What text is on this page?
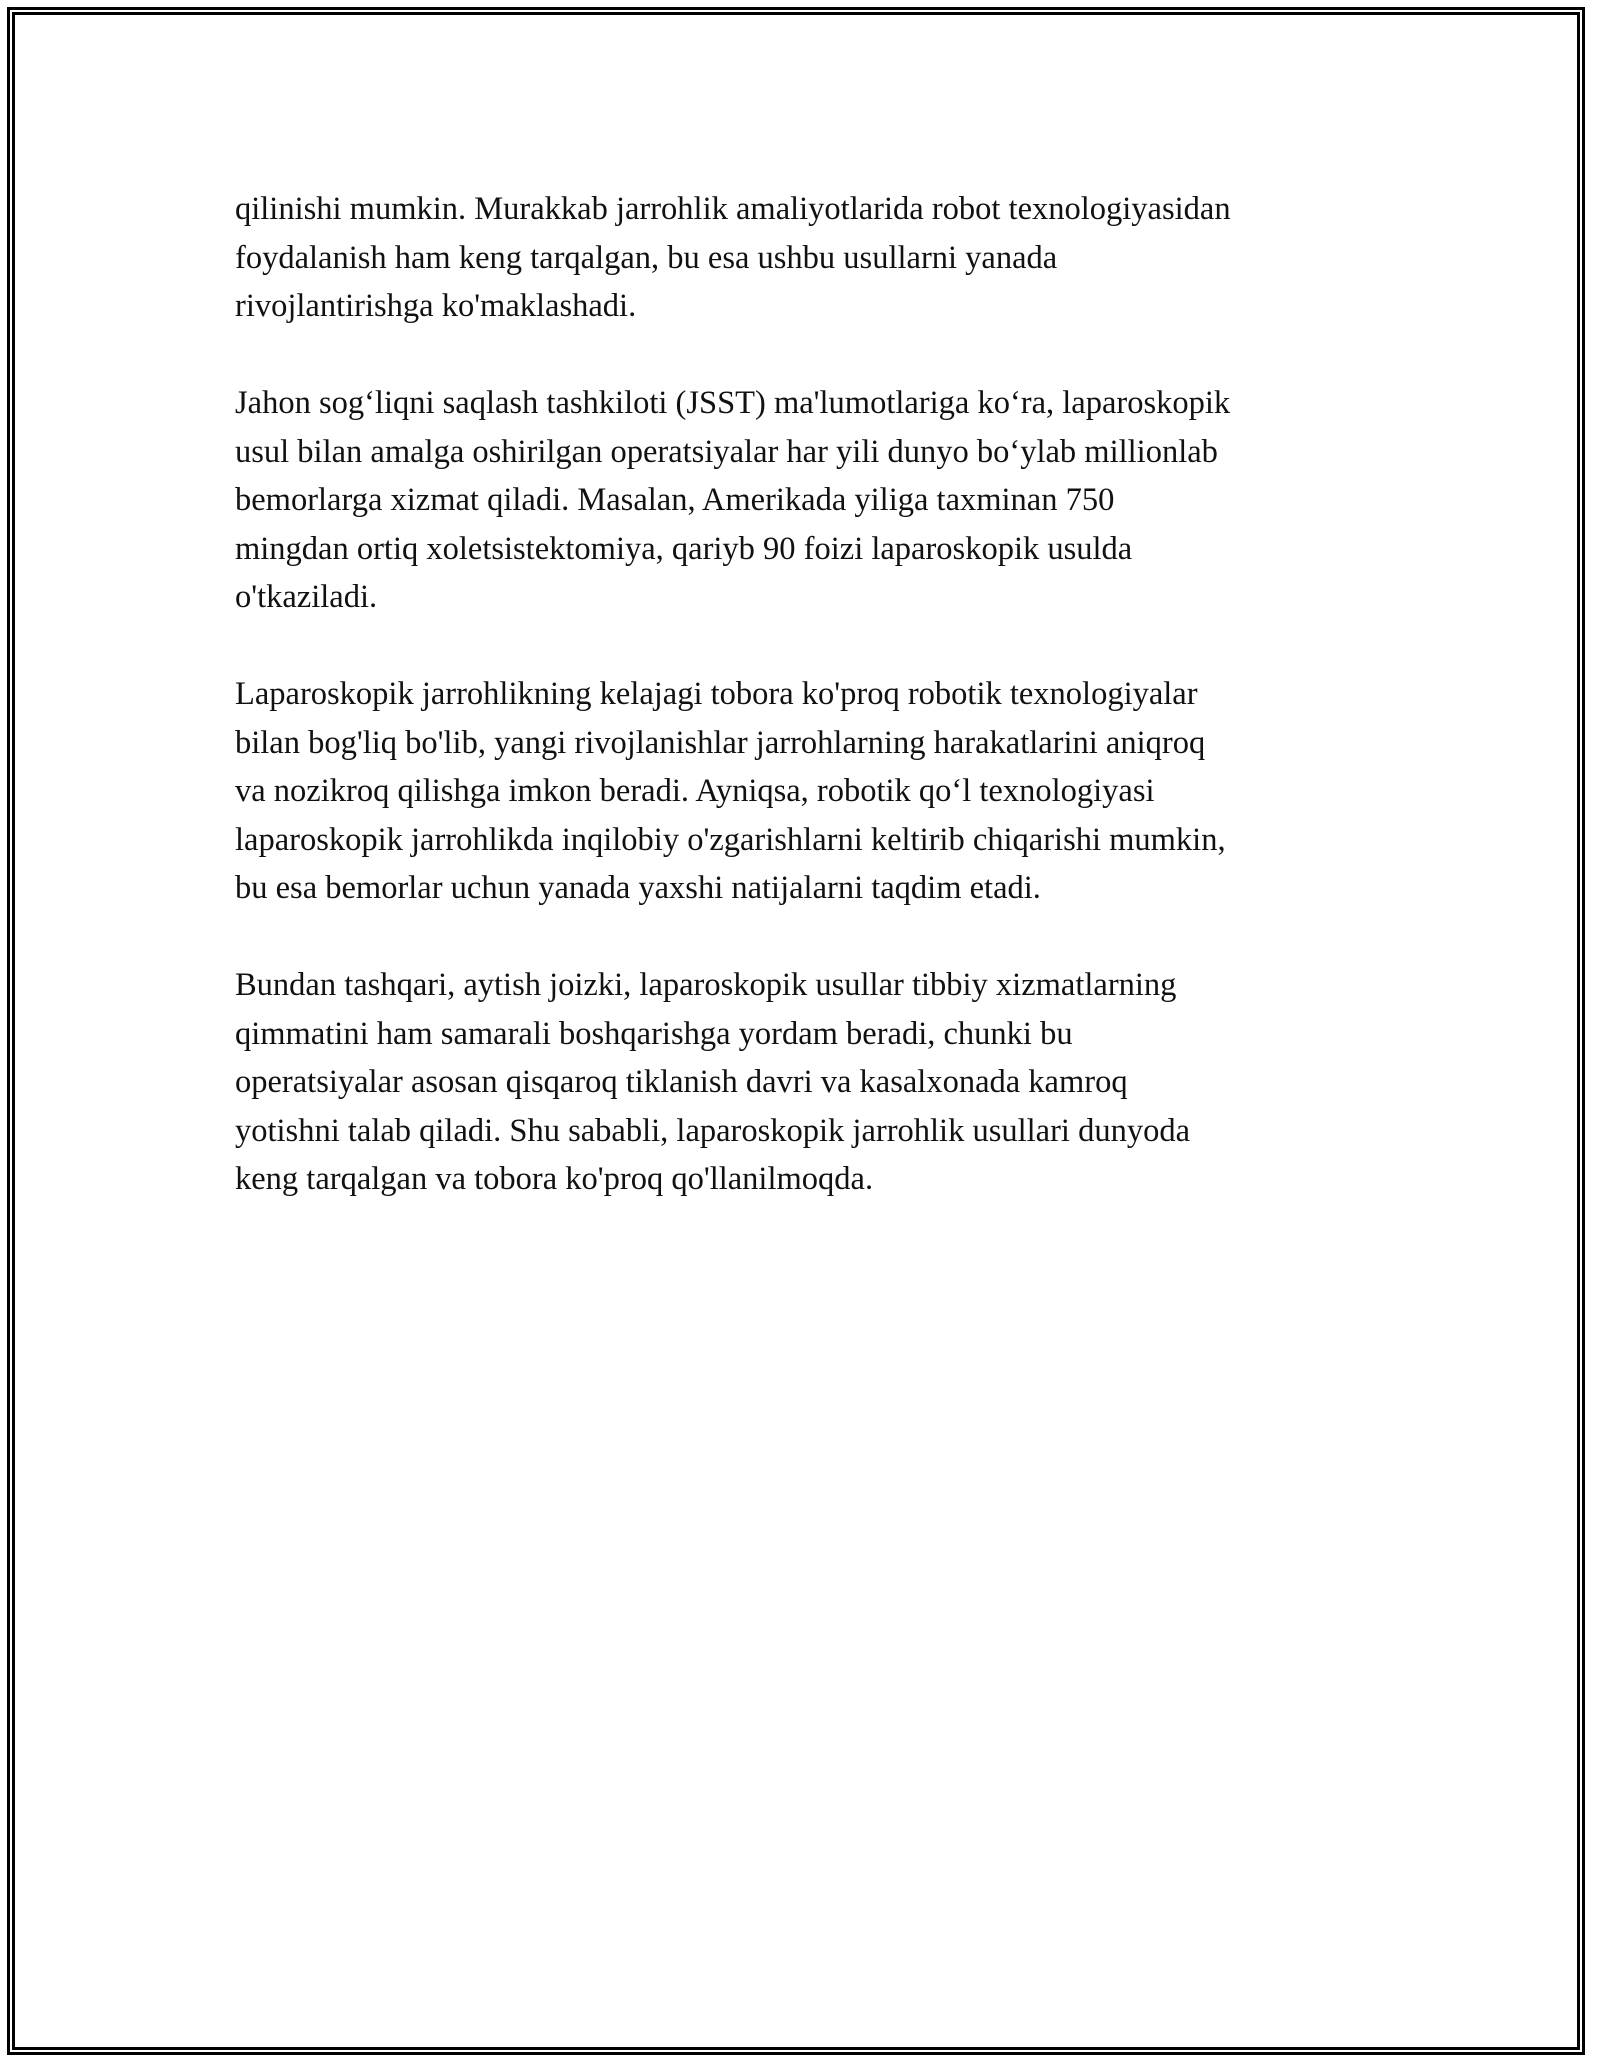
qilinishi mumkin. Murakkab jarrohlik amaliyotlarida robot texnologiyasidan
foydalanish ham keng tarqalgan, bu esa ushbu usullarni yanada
rivojlantirishga ko'maklashadi.

Jahon sog‘liqni saqlash tashkiloti (JSST) ma'lumotlariga ko‘ra, laparoskopik
usul bilan amalga oshirilgan operatsiyalar har yili dunyo bo‘ylab millionlab
bemorlarga xizmat qiladi. Masalan, Amerikada yiliga taxminan 750
mingdan ortiq xoletsistektomiya, qariyb 90 foizi laparoskopik usulda
o'tkaziladi.

Laparoskopik jarrohlikning kelajagi tobora ko'proq robotik texnologiyalar
bilan bog'liq bo'lib, yangi rivojlanishlar jarrohlarning harakatlarini aniqroq
va nozikroq qilishga imkon beradi. Ayniqsa, robotik qo‘l texnologiyasi
laparoskopik jarrohlikda inqilobiy o'zgarishlarni keltirib chiqarishi mumkin,
bu esa bemorlar uchun yanada yaxshi natijalarni taqdim etadi.

Bundan tashqari, aytish joizki, laparoskopik usullar tibbiy xizmatlarning
qimmatini ham samarali boshqarishga yordam beradi, chunki bu
operatsiyalar asosan qisqaroq tiklanish davri va kasalxonada kamroq
yotishni talab qiladi. Shu sababli, laparoskopik jarrohlik usullari dunyoda
keng tarqalgan va tobora ko'proq qo'llanilmoqda.
